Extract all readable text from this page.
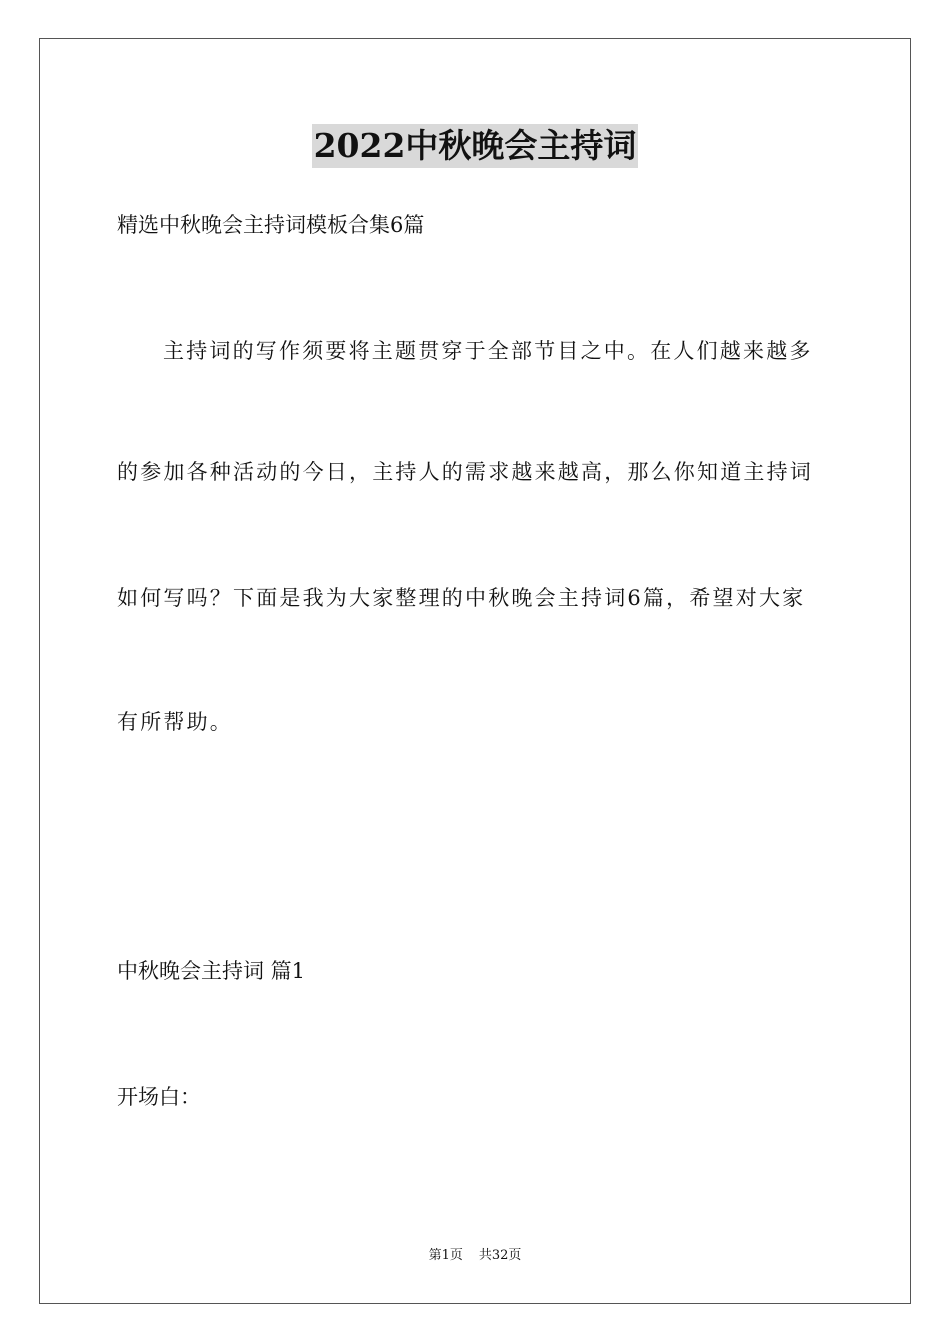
2022中秋晚会主持词
精选中秋晚会主持词模板合集6篇
主持词的写作须要将主题贯穿于全部节目之中。在人们越来越多
的参加各种活动的今日，主持人的需求越来越高，那么你知道主持词
如何写吗？下面是我为大家整理的中秋晚会主持词6篇，希望对大家
有所帮助。
中秋晚会主持词 篇1
开场白：
第1页 共32页
